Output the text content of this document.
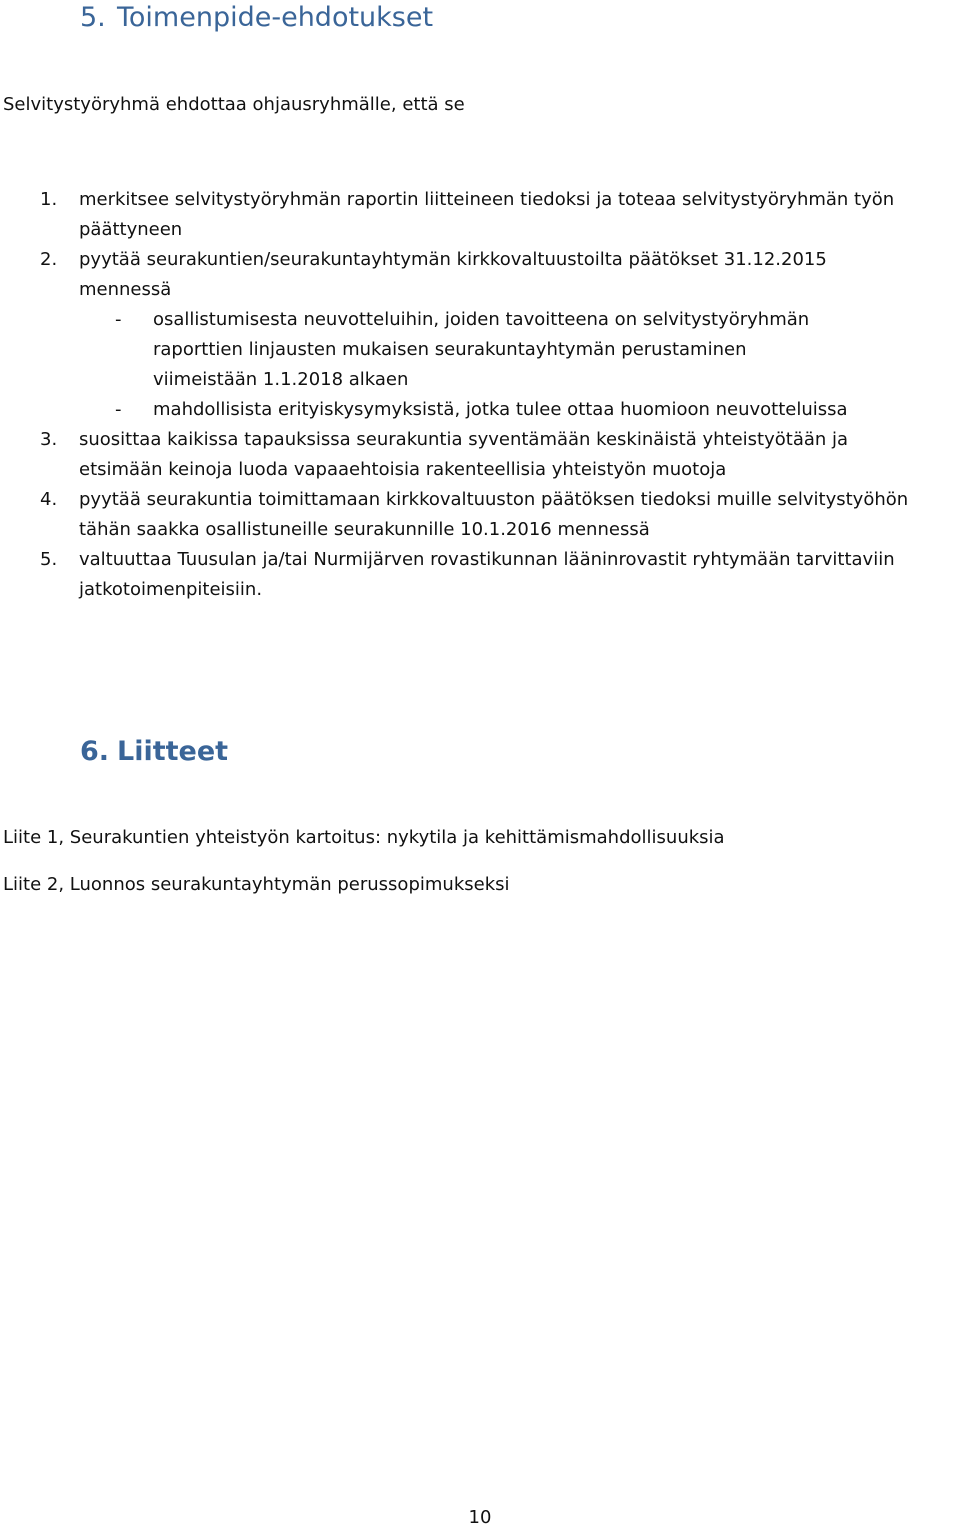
5. Toimenpide-ehdotukset

Selvitystyöryhmä ehdottaa ohjausryhmälle, että se

1. merkitsee selvitystyöryhmän raportin liitteineen tiedoksi ja toteaa selvitystyöryhmän työn
päättyneen
2. pyytää seurakuntien/seurakuntayhtymän kirkkovaltuustoilta päätökset 31.12.2015
mennessä
- osallistumisesta neuvotteluihin, joiden tavoitteena on selvitystyöryhmän
raporttien linjausten mukaisen seurakuntayhtymän perustaminen
viimeistään 1.1.2018 alkaen
- mahdollisista erityiskysymyksistä, jotka tulee ottaa huomioon neuvotteluissa
3. suosittaa kaikissa tapauksissa seurakuntia syventämään keskinäistä yhteistyötään ja
etsimään keinoja luoda vapaaehtoisia rakenteellisia yhteistyön muotoja
4. pyytää seurakuntia toimittamaan kirkkovaltuuston päätöksen tiedoksi muille selvitystyöhön
tähän saakka osallistuneille seurakunnille 10.1.2016 mennessä
5. valtuuttaa Tuusulan ja/tai Nurmijärven rovastikunnan lääninrovastit ryhtymään tarvittaviin
jatkotoimenpiteisiin.
6. Liitteet

Liite 1, Seurakuntien yhteistyön kartoitus: nykytila ja kehittämismahdollisuuksia

Liite 2, Luonnos seurakuntayhtymän perussopimukseksi

10
